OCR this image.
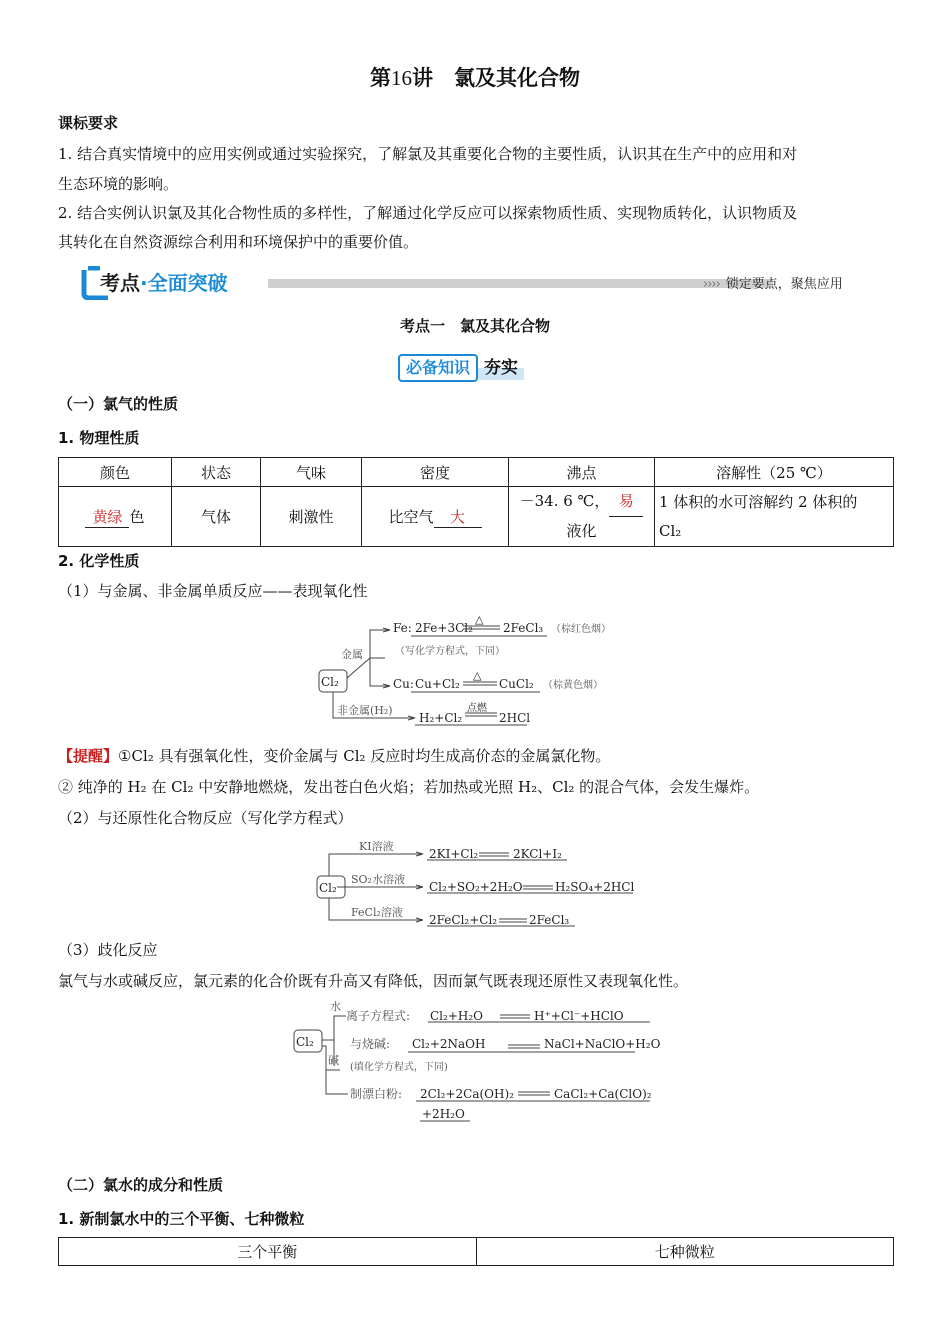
第16讲　氯及其化合物
课标要求
1. 结合真实情境中的应用实例或通过实验探究，了解氯及其重要化合物的主要性质，认识其在生产中的应用和对
生态环境的影响。
2. 结合实例认识氯及其化合物性质的多样性，了解通过化学反应可以探索物质性质、实现物质转化，认识物质及
其转化在自然资源综合利用和环境保护中的重要价值。
考点·全面突破	›››› 锁定要点，聚焦应用
考点一　氯及其化合物
必备知识 夯实
（一）氯气的性质
1. 物理性质
颜色	状态	气味	密度	沸点	溶解性（25 ℃）
黄绿 色	气体	刺激性	比空气 大	－34. 6 ℃， 易
液化	1 体积的水可溶解约 2 体积的
Cl₂
2. 化学性质
（1）与金属、非金属单质反应——表现氧化性
Cl₂
金属
非金属(H₂)
Fe: 2Fe+3Cl₂
△
2FeCl₃ （棕红色烟）
（写化学方程式，下同）
Cu: Cu+Cl₂
△
CuCl₂ （棕黄色烟）
H₂+Cl₂
点燃
2HCl
【提醒】①Cl₂ 具有强氧化性，变价金属与 Cl₂ 反应时均生成高价态的金属氯化物。
② 纯净的 H₂ 在 Cl₂ 中安静地燃烧，发出苍白色火焰；若加热或光照 H₂、Cl₂ 的混合气体，会发生爆炸。
（2）与还原性化合物反应（写化学方程式）
Cl₂
KI溶液
SO₂水溶液
FeCl₂溶液
2KI+Cl₂	2KCl+I₂
Cl₂+SO₂+2H₂O	H₂SO₄+2HCl
2FeCl₂+Cl₂	2FeCl₃
（3）歧化反应
氯气与水或碱反应，氯元素的化合价既有升高又有降低，因而氯气既表现还原性又表现氧化性。
Cl₂
水
碱
离子方程式: Cl₂+H₂O	H⁺+Cl⁻+HClO
与烧碱: Cl₂+2NaOH	NaCl+NaClO+H₂O
(填化学方程式，下同)
制漂白粉: 2Cl₂+2Ca(OH)₂	CaCl₂+Ca(ClO)₂
+2H₂O
（二）氯水的成分和性质
1. 新制氯水中的三个平衡、七种微粒
三个平衡	七种微粒
